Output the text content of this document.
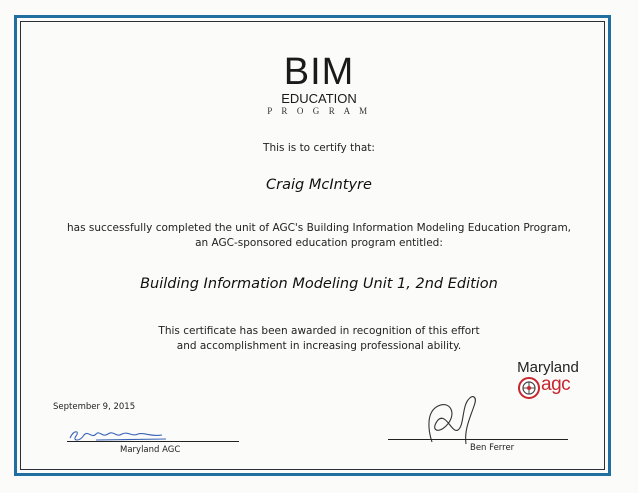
BIM
EDUCATION
P R O G R A M
This is to certify that:
Craig McIntyre
has successfully completed the unit of AGC's Building Information Modeling Education Program,
an AGC-sponsored education program entitled:
Building Information Modeling Unit 1, 2nd Edition
This certificate has been awarded in recognition of this effort
and accomplishment in increasing professional ability.
Maryland
agc
September 9, 2015
Maryland AGC	Ben Ferrer
